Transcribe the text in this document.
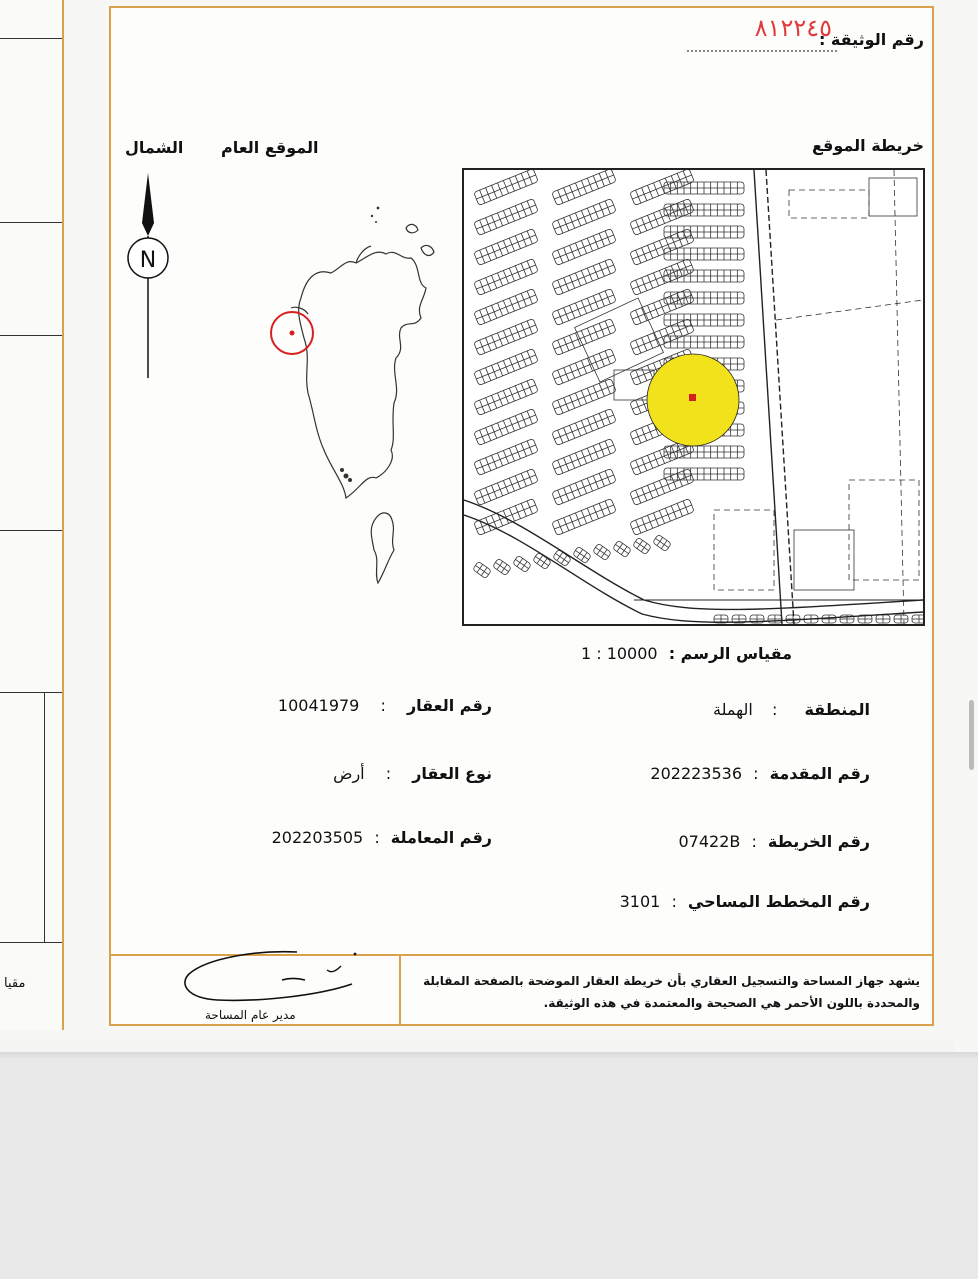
مقيا
رقم الوثيقة :
٨١٢٢٤٥
خريطة الموقع
الموقع العام
الشمال
N
مقياس الرسم : 1 : 10000
المنطقة : الهملة
رقم المقدمة : 202223536
رقم الخريطة : 07422B
رقم المخطط المساحي : 3101
رقم العقار : 10041979
نوع العقار : أرض
رقم المعاملة : 202203505
يشهد جهاز المساحة والتسجيل العقاري بأن خريطة العقار الموضحة بالصفحة المقابلة والمحددة باللون الأحمر هي الصحيحة والمعتمدة في هذه الوثيقة.
مدير عام المساحة
